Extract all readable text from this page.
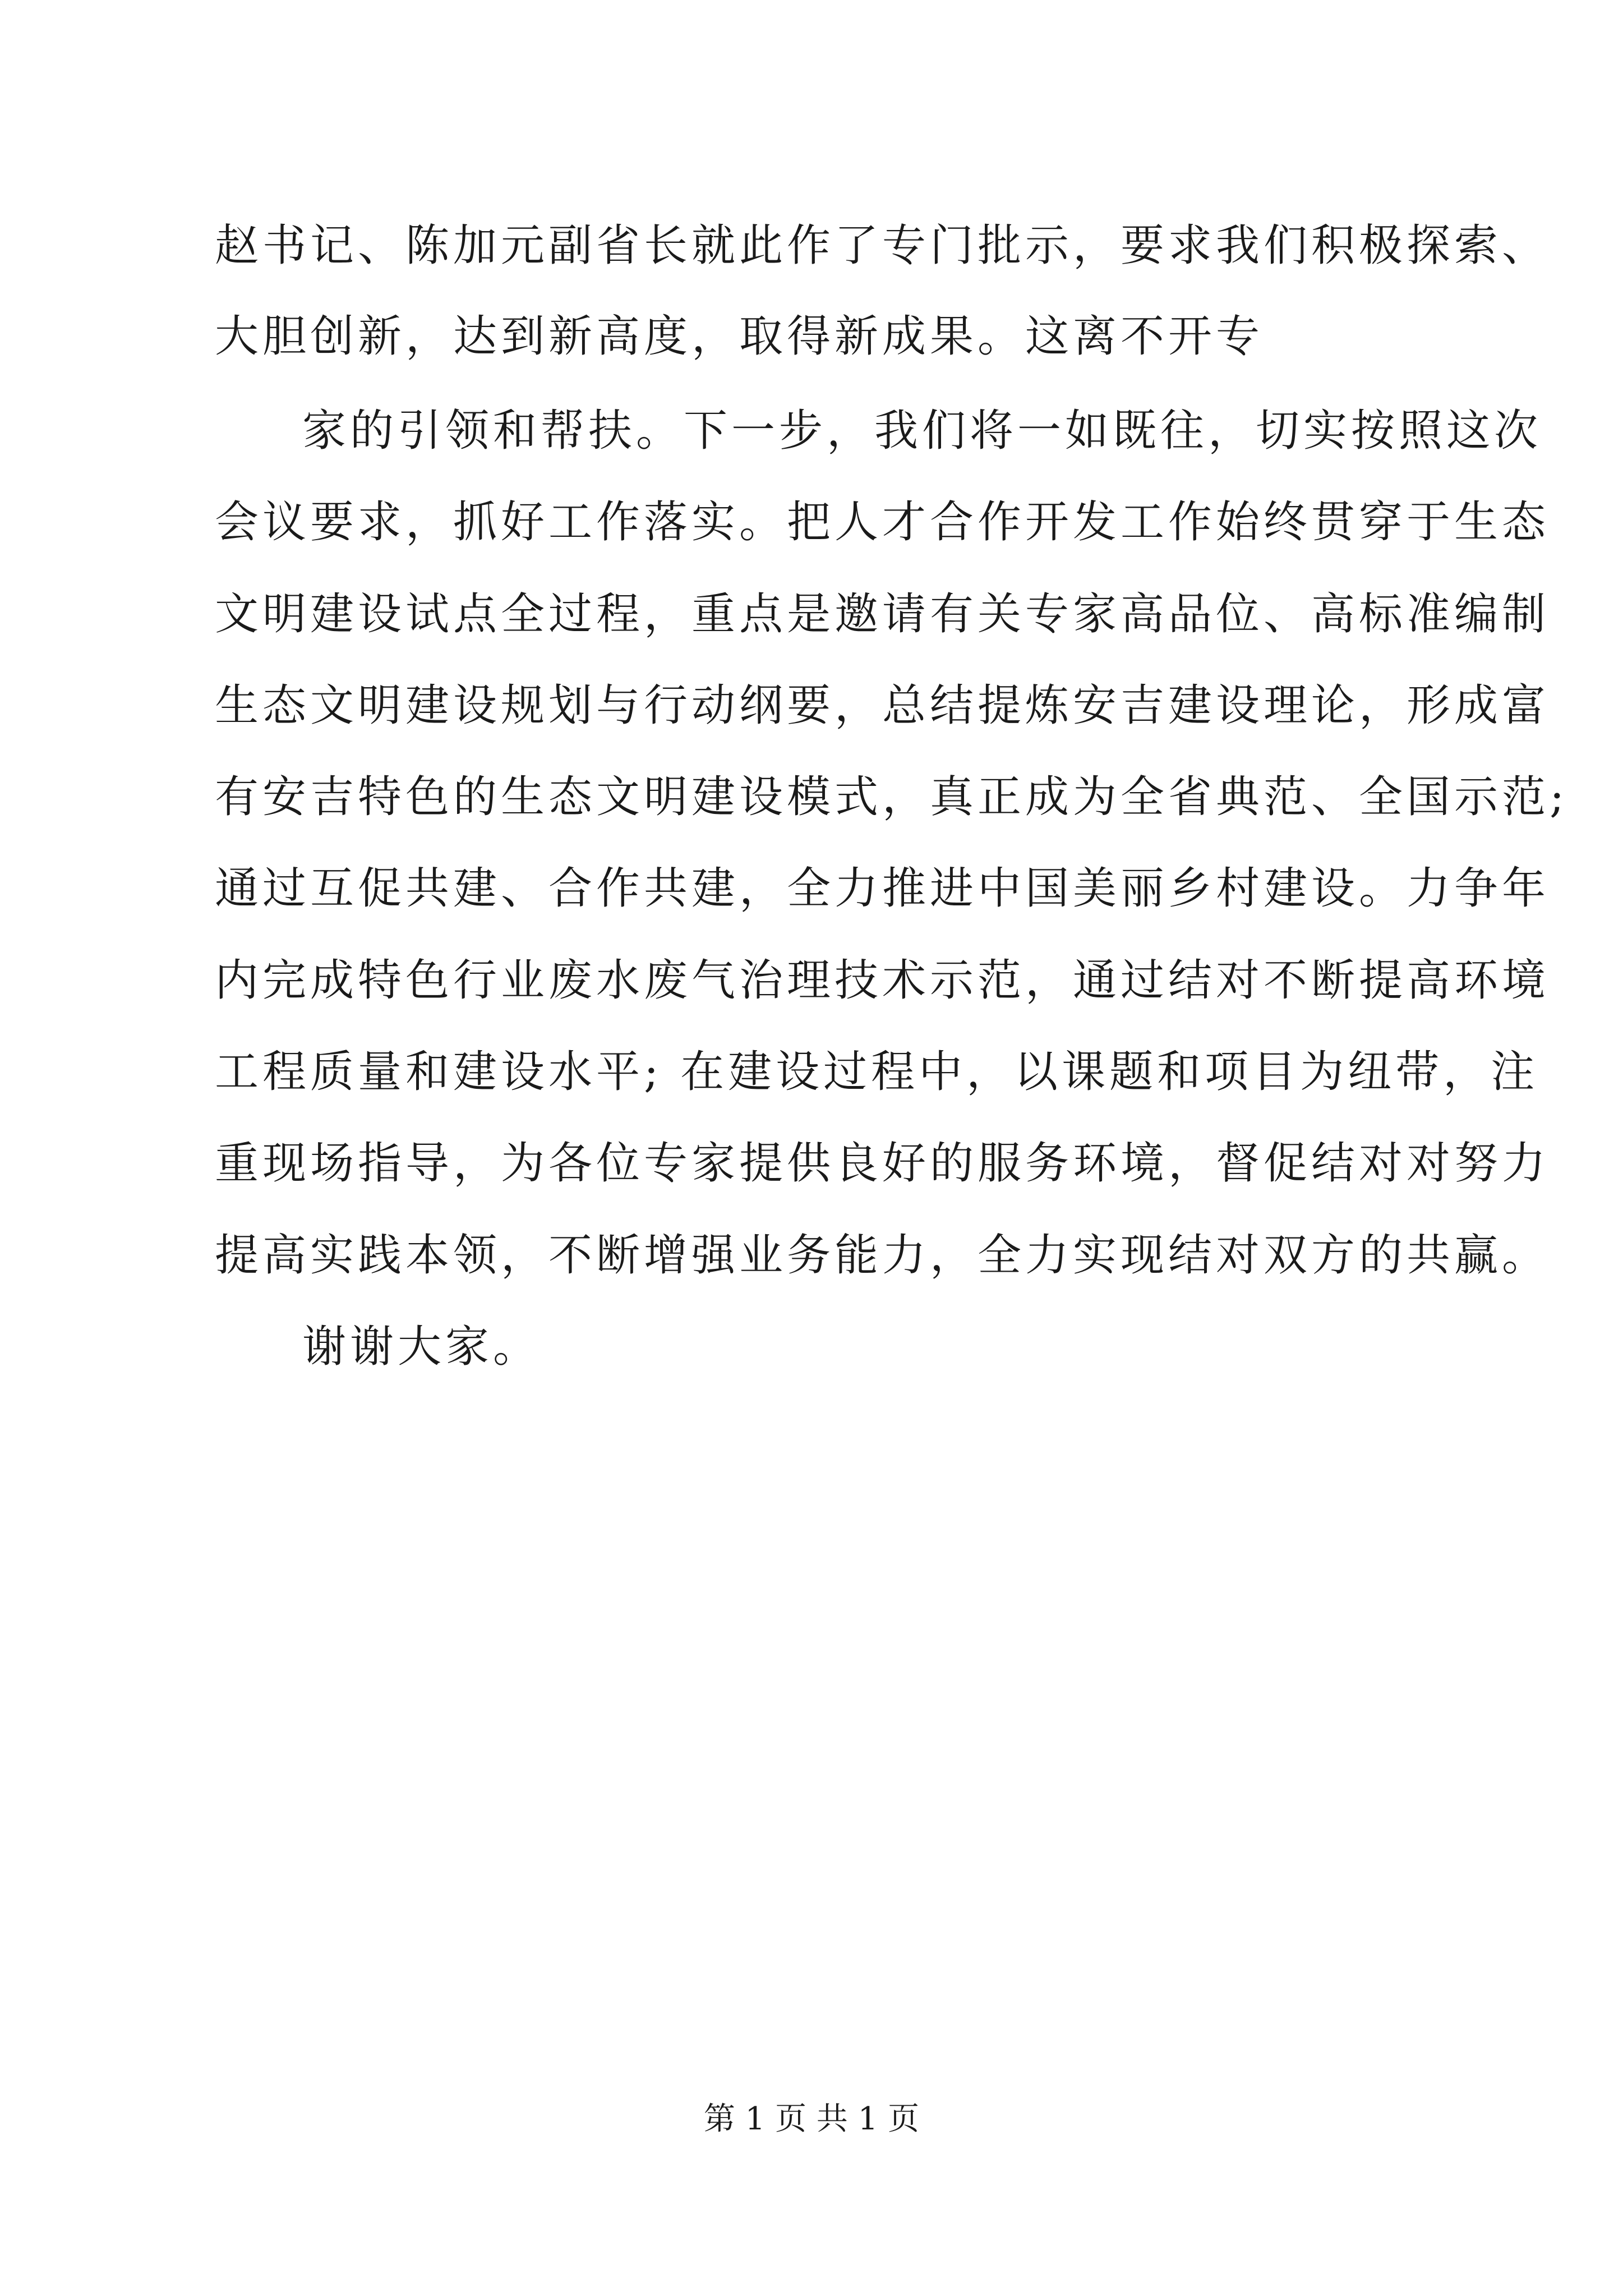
赵书记、陈加元副省长就此作了专门批示，要求我们积极探索、
大胆创新，达到新高度，取得新成果。这离不开专
家的引领和帮扶。下一步，我们将一如既往，切实按照这次
会议要求，抓好工作落实。把人才合作开发工作始终贯穿于生态
文明建设试点全过程，重点是邀请有关专家高品位、高标准编制
生态文明建设规划与行动纲要，总结提炼安吉建设理论，形成富
有安吉特色的生态文明建设模式，真正成为全省典范、全国示范;
通过互促共建、合作共建，全力推进中国美丽乡村建设。力争年
内完成特色行业废水废气治理技术示范，通过结对不断提高环境
工程质量和建设水平; 在建设过程中，以课题和项目为纽带，注
重现场指导，为各位专家提供良好的服务环境，督促结对对努力
提高实践本领，不断增强业务能力，全力实现结对双方的共赢。
谢谢大家。
第 1 页 共 1 页
